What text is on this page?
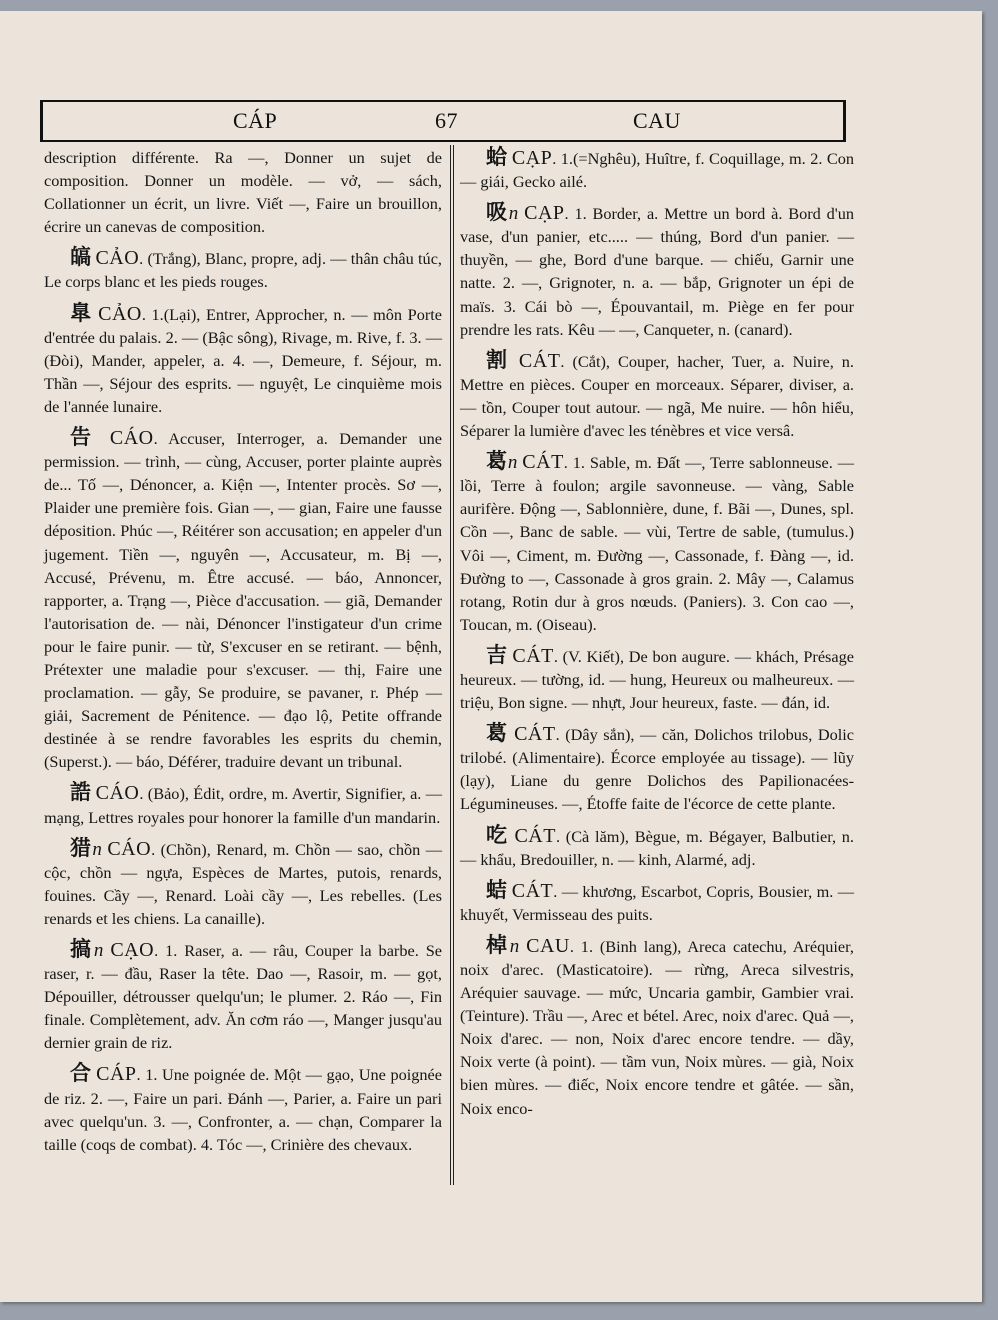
CÁP	67	CAU

description différente. Ra —, Donner un sujet de composition. Donner un modèle. — vở, — sách, Collationner un écrit, un livre. Viết —, Faire un brouillon, écrire un canevas de composition.

皜 CẢO. (Trắng), Blanc, propre, adj. — thân châu túc, Le corps blanc et les pieds rouges.

臯 CẢO. 1.(Lại), Entrer, Approcher, n. — môn Porte d'entrée du palais. 2. — (Bậc sông), Rivage, m. Rive, f. 3. —(Đòi), Mander, appeler, a. 4. —, Demeure, f. Séjour, m. Thần —, Séjour des esprits. — nguyệt, Le cinquième mois de l'année lunaire.

告 CÁO. Accuser, Interroger, a. Demander une permission. — trình, — cùng, Accuser, porter plainte auprès de... Tố —, Dénoncer, a. Kiện —, Intenter procès. Sơ —, Plaider une première fois. Gian —, — gian, Faire une fausse déposition. Phúc —, Réitérer son accusation; en appeler d'un jugement. Tiền —, nguyên —, Accusateur, m. Bị —, Accusé, Prévenu, m. Être accusé. — báo, Annoncer, rapporter, a. Trạng —, Pièce d'accusation. — giã, Demander l'autorisation de. — nài, Dénoncer l'instigateur d'un crime pour le faire punir. — từ, S'excuser en se retirant. — bệnh, Prétexter une maladie pour s'excuser. — thị, Faire une proclamation. — gẫy, Se produire, se pavaner, r. Phép — giải, Sacrement de Pénitence. — đạo lộ, Petite offrande destinée à se rendre favorables les esprits du chemin, (Superst.). — báo, Déférer, traduire devant un tribunal.

誥 CÁO. (Bảo), Édit, ordre, m. Avertir, Signifier, a. — mạng, Lettres royales pour honorer la famille d'un mandarin.

猎n CÁO. (Chồn), Renard, m. Chồn — sao, chồn — cộc, chồn — ngựa, Espèces de Martes, putois, renards, fouines. Cầy —, Renard. Loài cầy —, Les rebelles. (Les renards et les chiens. La canaille).

搞n CẠO. 1. Raser, a. — râu, Couper la barbe. Se raser, r. — đầu, Raser la tête. Dao —, Rasoir, m. — gọt, Dépouiller, détrousser quelqu'un; le plumer. 2. Ráo —, Fin finale. Complètement, adv. Ăn cơm ráo —, Manger jusqu'au dernier grain de riz.

合 CÁP. 1. Une poignée de. Một — gạo, Une poignée de riz. 2. —, Faire un pari. Đánh —, Parier, a. Faire un pari avec quelqu'un. 3. —, Confronter, a. — chạn, Comparer la taille (coqs de combat). 4. Tóc —, Crinière des chevaux.

蛤 CẠP. 1.(=Nghêu), Huître, f. Coquillage, m. 2. Con — giái, Gecko ailé.

吸n CẠP. 1. Border, a. Mettre un bord à. Bord d'un vase, d'un panier, etc..... — thúng, Bord d'un panier. — thuyền, — ghe, Bord d'une barque. — chiếu, Garnir une natte. 2. —, Grignoter, n. a. — bắp, Grignoter un épi de maïs. 3. Cái bò —, Épouvantail, m. Piège en fer pour prendre les rats. Kêu — —, Canqueter, n. (canard).

割 CÁT. (Cắt), Couper, hacher, Tuer, a. Nuire, n. Mettre en pièces. Couper en morceaux. Séparer, diviser, a. — tồn, Couper tout autour. — ngã, Me nuire. — hôn hiểu, Séparer la lumière d'avec les ténèbres et vice versâ.

葛n CÁT. 1. Sable, m. Đất —, Terre sablonneuse. — lồi, Terre à foulon; argile savonneuse. — vàng, Sable aurifère. Động —, Sablonnière, dune, f. Bãi —, Dunes, spl. Cồn —, Banc de sable. — vùi, Tertre de sable, (tumulus.) Vôi —, Ciment, m. Đường —, Cassonade, f. Đàng —, id. Đường to —, Cassonade à gros grain. 2. Mây —, Calamus rotang, Rotin dur à gros nœuds. (Paniers). 3. Con cao —, Toucan, m. (Oiseau).

吉 CÁT. (V. Kiết), De bon augure. — khách, Présage heureux. — tường, id. — hung, Heureux ou malheureux. — triệu, Bon signe. — nhựt, Jour heureux, faste. — đán, id.

葛 CÁT. (Dây sắn), — căn, Dolichos trilobus, Dolic trilobé. (Alimentaire). Écorce employée au tissage). — lũy (lạy), Liane du genre Dolichos des Papilionacées-Légumineuses. —, Étoffe faite de l'écorce de cette plante.

吃 CÁT. (Cà lăm), Bègue, m. Bégayer, Balbutier, n. — khẩu, Bredouiller, n. — kinh, Alarmé, adj.

蛣 CÁT. — khương, Escarbot, Copris, Bousier, m. — khuyết, Vermisseau des puits.

棹n CAU. 1. (Binh lang), Areca catechu, Aréquier, noix d'arec. (Masticatoire). — rừng, Areca silvestris, Aréquier sauvage. — mức, Uncaria gambir, Gambier vrai. (Teinture). Trầu —, Arec et bétel. Arec, noix d'arec. Quả —, Noix d'arec. — non, Noix d'arec encore tendre. — dầy, Noix verte (à point). — tầm vun, Noix mùres. — già, Noix bien mùres. — điếc, Noix encore tendre et gâtée. — sần, Noix enco-
